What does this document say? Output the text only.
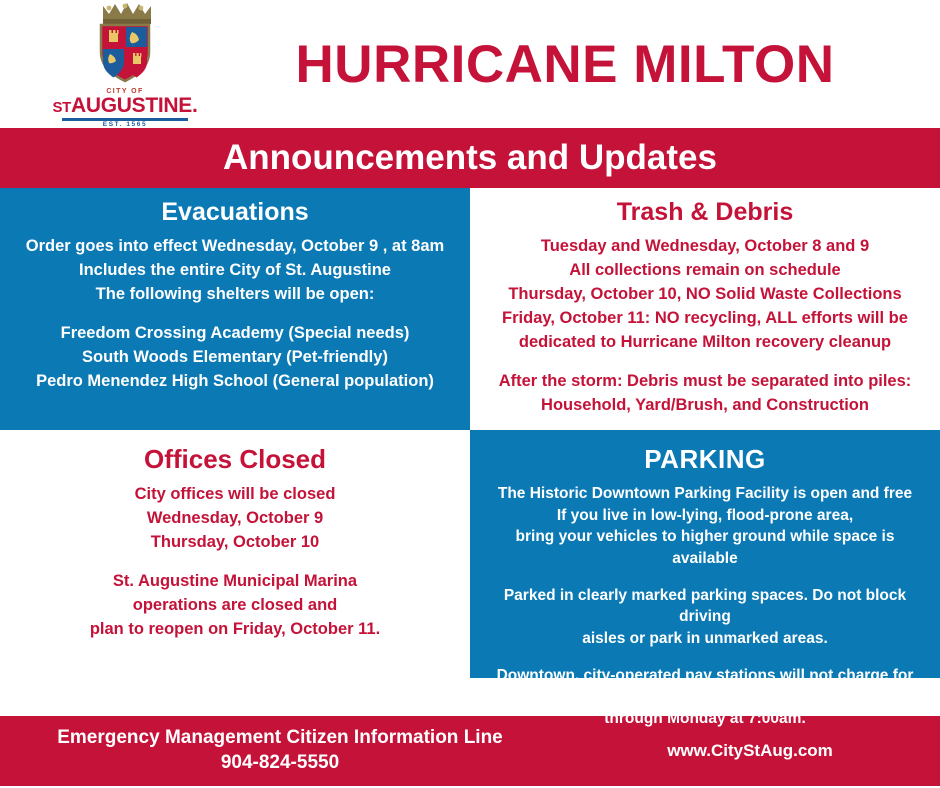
CITY OF
STAUGUSTINE.
EST. 1565
HURRICANE MILTON
Announcements and Updates
Evacuations
Order goes into effect Wednesday, October 9 , at 8am
Includes the entire City of St. Augustine
The following shelters will be open:
Freedom Crossing Academy (Special needs)
South Woods Elementary (Pet-friendly)
Pedro Menendez High School (General population)
Trash & Debris
Tuesday and Wednesday, October 8 and 9
All collections remain on schedule
Thursday, October 10, NO Solid Waste Collections
Friday, October 11: NO recycling, ALL efforts will be
dedicated to Hurricane Milton recovery cleanup
After the storm: Debris must be separated into piles:
Household, Yard/Brush, and Construction
Offices Closed
City offices will be closed
Wednesday, October 9
Thursday, October 10
St. Augustine Municipal Marina
operations are closed and
plan to reopen on Friday, October 11.
PARKING
The Historic Downtown Parking Facility is open and free
If you live in low-lying, flood-prone area,
bring your vehicles to higher ground while space is available
Parked in clearly marked parking spaces. Do not block driving
aisles or park in unmarked areas.
Downtown, city-operated pay stations will not charge for
parking for the duration of the storm,
through Monday at 7:00am.
Emergency Management Citizen Information Line
904-824-5550
www.CityStAug.com
